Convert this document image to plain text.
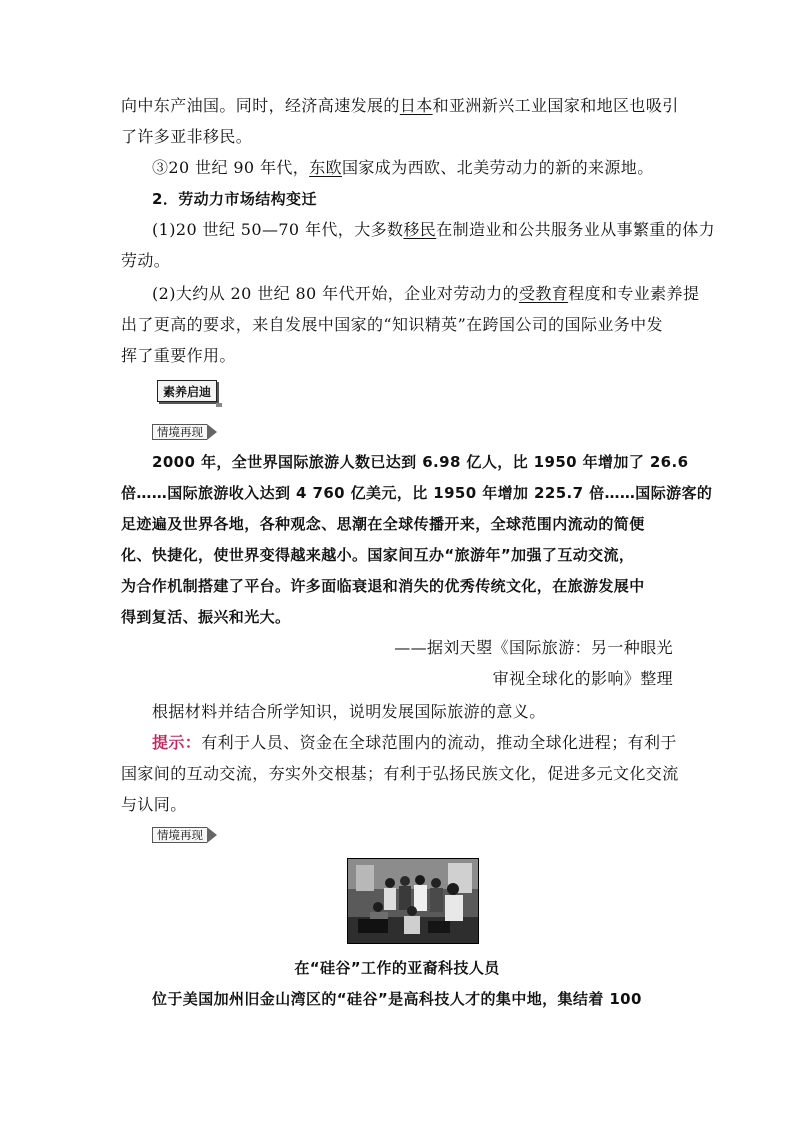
向中东产油国。同时，经济高速发展的日本和亚洲新兴工业国家和地区也吸引
了许多亚非移民。
③20 世纪 90 年代，东欧国家成为西欧、北美劳动力的新的来源地。
2．劳动力市场结构变迁
(1)20 世纪 50—70 年代，大多数移民在制造业和公共服务业从事繁重的体力
劳动。
(2)大约从 20 世纪 80 年代开始，企业对劳动力的受教育程度和专业素养提
出了更高的要求，来自发展中国家的“知识精英”在跨国公司的国际业务中发
挥了重要作用。
素养启迪
情境再现
2000 年，全世界国际旅游人数已达到 6.98 亿人，比 1950 年增加了 26.6
倍……国际旅游收入达到 4 760 亿美元，比 1950 年增加 225.7 倍……国际游客的
足迹遍及世界各地，各种观念、思潮在全球传播开来，全球范围内流动的简便
化、快捷化，使世界变得越来越小。国家间互办“旅游年”加强了互动交流，
为合作机制搭建了平台。许多面临衰退和消失的优秀传统文化，在旅游发展中
得到复活、振兴和光大。
——据刘天曌《国际旅游：另一种眼光
审视全球化的影响》整理
根据材料并结合所学知识，说明发展国际旅游的意义。
提示：有利于人员、资金在全球范围内的流动，推动全球化进程；有利于
国家间的互动交流，夯实外交根基；有利于弘扬民族文化，促进多元文化交流
与认同。
情境再现
在“硅谷”工作的亚裔科技人员
位于美国加州旧金山湾区的“硅谷”是高科技人才的集中地，集结着 100
